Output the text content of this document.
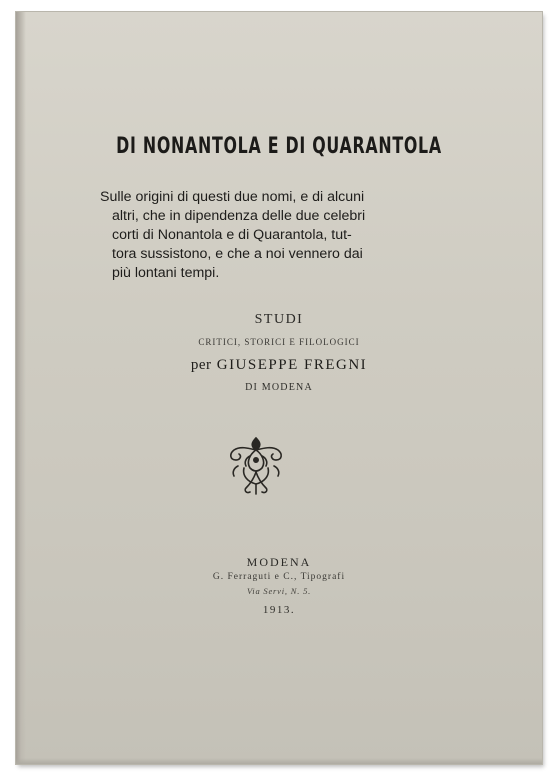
DI NONANTOLA E DI QUARANTOLA
Sulle origini di questi due nomi, e di alcuni
altri, che in dipendenza delle due celebri
corti di Nonantola e di Quarantola, tut-
tora sussistono, e che a noi vennero dai
più lontani tempi.
STUDI
CRITICI, STORICI E FILOLOGICI
per GIUSEPPE FREGNI
DI MODENA
MODENA
G. Ferraguti e C., Tipografi
Via Servi, N. 5.
1913.
